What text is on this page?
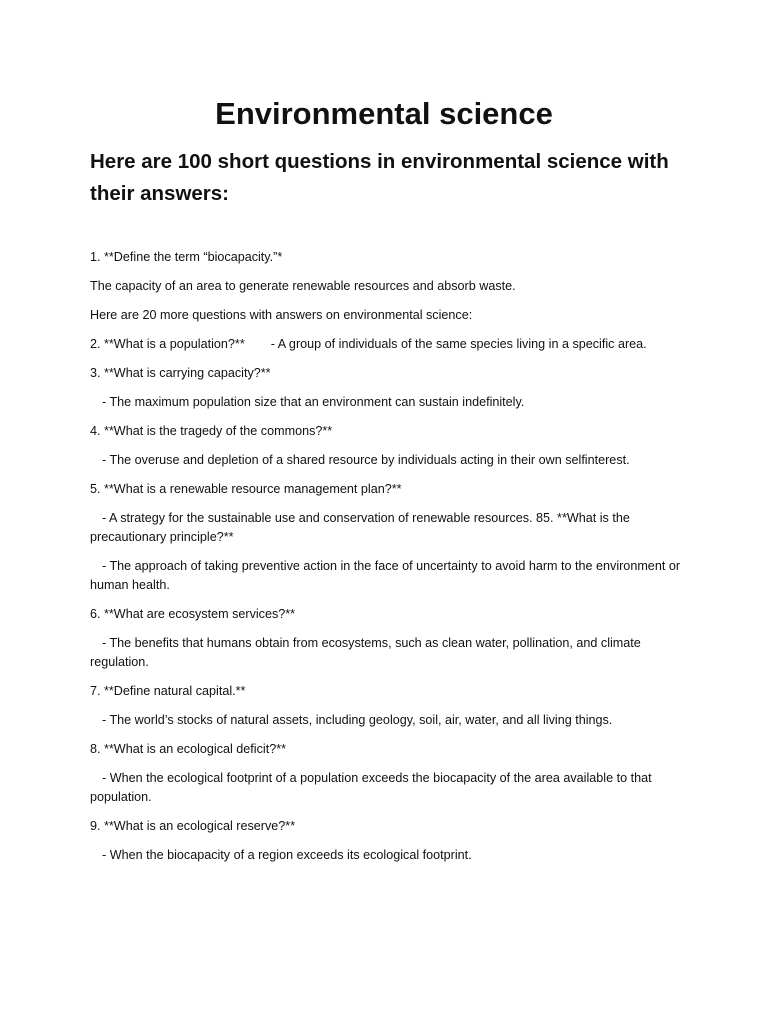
Environmental science
Here are 100 short questions in environmental science with their answers:

1. **Define the term “biocapacity.”*

The capacity of an area to generate renewable resources and absorb waste.

Here are 20 more questions with answers on environmental science:

2. **What is a population?** - A group of individuals of the same species living in a specific area.

3. **What is carrying capacity?**

- The maximum population size that an environment can sustain indefinitely.

4. **What is the tragedy of the commons?**

- The overuse and depletion of a shared resource by individuals acting in their own selfinterest.

5. **What is a renewable resource management plan?**

- A strategy for the sustainable use and conservation of renewable resources. 85. **What is the precautionary principle?**

- The approach of taking preventive action in the face of uncertainty to avoid harm to the environment or human health.

6. **What are ecosystem services?**

- The benefits that humans obtain from ecosystems, such as clean water, pollination, and climate regulation.

7. **Define natural capital.**

- The world’s stocks of natural assets, including geology, soil, air, water, and all living things.

8. **What is an ecological deficit?**

- When the ecological footprint of a population exceeds the biocapacity of the area available to that population.

9. **What is an ecological reserve?**

- When the biocapacity of a region exceeds its ecological footprint.
